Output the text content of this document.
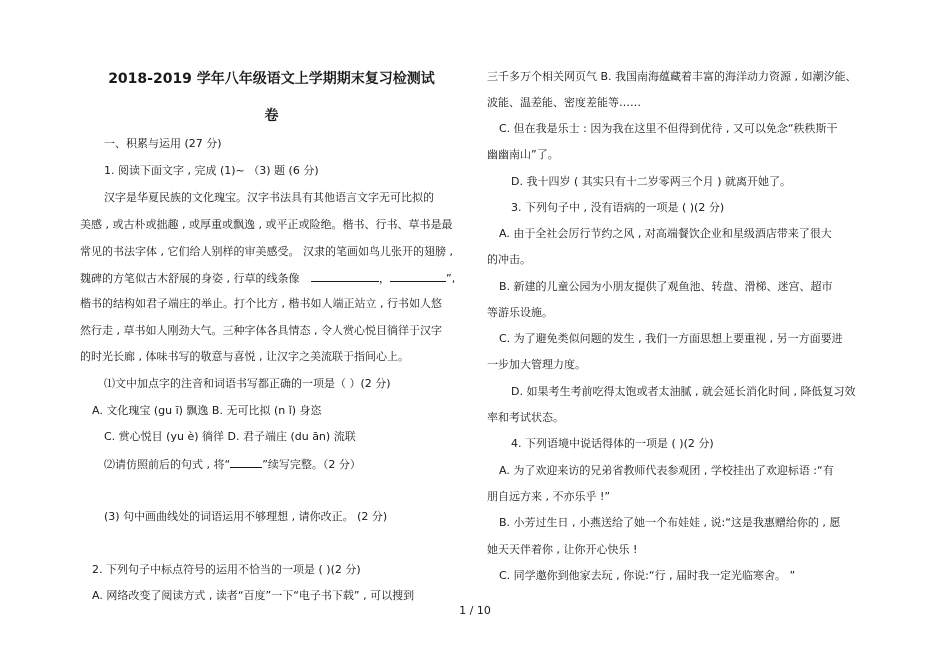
2018-2019 学年八年级语文上学期期末复习检测试
卷
一、积累与运用 (27 分)
1. 阅读下面文字 , 完成 (1)~ （3) 题 (6 分)
汉字是华夏民族的文化瑰宝。汉字书法具有其他语言文字无可比拟的
美感 , 或古朴或拙趣 , 或厚重或飘逸 , 或平正或险绝。楷书、行书、草书是最
常见的书法字体 , 它们给人别样的审美感受。 汉隶的笔画如鸟儿张开的翅膀 ,
魏碑的方笔似古木舒展的身姿 , 行草的线条像	，	”,
楷书的结构如君子端庄的举止。打个比方 , 楷书如人端正站立 , 行书如人悠
然行走 , 草书如人刚劲大气。三种字体各具情态 , 令人赏心悦目徜徉于汉字
的时光长廊 , 体味书写的敬意与喜悦 , 让汉字之美流联于指间心上。
⑴文中加点字的注音和词语书写都正确的一项是（ ）(2 分)
A. 文化瑰宝 (gu ī) 飘逸 B. 无可比拟 (n ǐ) 身恣
C. 赏心悦目 (yu è) 徜徉 D. 君子端庄 (du ān) 流联
⑵请仿照前后的句式 , 将“	”续写完整。（2 分）
(3) 句中画曲线处的词语运用不够理想 , 请你改正。 (2 分)
2. 下列句子中标点符号的运用不恰当的一项是 ( )(2 分)
A. 网络改变了阅读方式 , 读者“百度”一下“电子书下载” , 可以搜到
三千多万个相关网页气 B. 我国南海蕴藏着丰富的海洋动力资源 , 如潮汐能、
波能、温差能、密度差能等……
C. 但在我是乐士 : 因为我在这里不但得到优待 , 又可以免念“秩秩斯干
幽幽南山”了。
D. 我十四岁 ( 其实只有十二岁零两三个月 ) 就离开她了。
3. 下列句子中 , 没有语病的一项是 ( )(2 分)
A. 由于全社会厉行节约之风 , 对高端餐饮企业和星级酒店带来了很大
的冲击。
B. 新建的儿童公园为小朋友提供了观鱼池、转盘、滑梯、迷宫、超市
等游乐设施。
C. 为了避免类似问题的发生 , 我们一方面思想上要重视 , 另一方面要进
一步加大管理力度。
D. 如果考生考前吃得太饱或者太油腻 , 就会延长消化时间 , 降低复习效
率和考试状态。
4. 下列语境中说话得体的一项是 ( )(2 分)
A. 为了欢迎来访的兄弟省教师代表参观团 , 学校挂出了欢迎标语 :“有
朋自远方来 , 不亦乐乎 !”
B. 小芳过生日 , 小燕送给了她一个布娃娃 , 说:“这是我惠赠给你的 , 愿
她天天伴着你 , 让你开心快乐 !
C. 同学邀你到他家去玩 , 你说:“行 , 届时我一定光临寒舍。 ”
1 / 10
